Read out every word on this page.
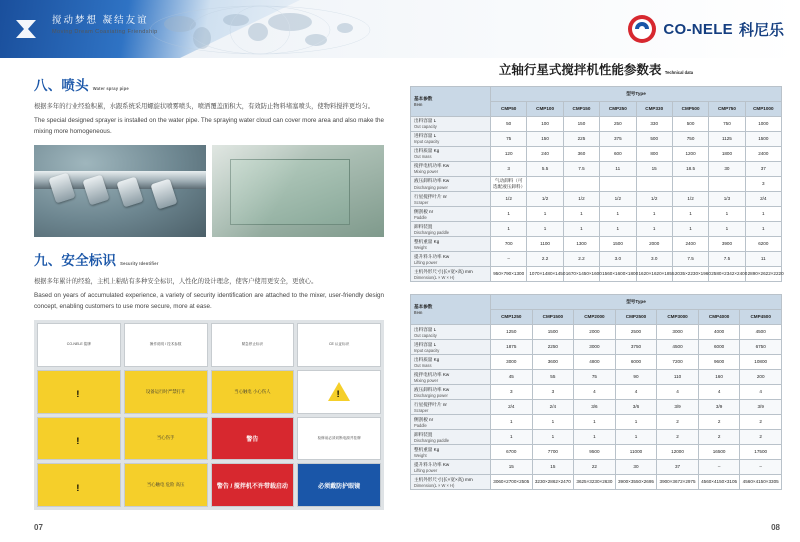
搅动梦想 凝结友谊
Moving Dream Coaxiating Friendship	CO-NELE 科尼乐
八、喷头 Water spray pipe

根据多年的行业经验积累，水跟系统采用螺旋状喷雾喷头，喷洒覆盖面积大，有效防止物料堵塞喷头，使物料搅拌更均匀。

The special designed sprayer is installed on the water pipe. The spraying water cloud can cover more area and also make the mixing more homogeneous.

九、安全标识 Security Identifier

根据多年累计的经验，主机上粘贴有多种安全标识，人性化的设计理念，使客户使用更安全，更放心。

Based on years of accumulated experience, a variety of security identification are attached to the mixer, user-friendly design concept, enabling customers to use more secure, more at ease.

CO-NELE 铭牌	操作说明 / 技术参数	紧急停止标识	CE 认证标识
!
设备运行时严禁打开	当心触电 小心伤人
!
!
当心伤手	警告	检修前必须切断电源并挂牌
!
当心触电 危险 高压	警告 / 搅拌机不许带载启动	必须戴防护眼镜
立轴行星式搅拌机性能参数表 Technical data
基本参数
Item	型号Type							
	CMP50	CMP100	CMP150	CMP250	CMP330	CMP500	CMP750	CMP1000

出料容量 L
Out capacity	50	100	150	250	330	500	750	1000

进料容量 L
Input capacity	75	150	225	375	500	750	1125	1500

出料质量 Kg
Out mass	120	240	360	600	800	1200	1800	2400

搅拌电机功率 Kw
Mixing power	3	5.5	7.5	11	15	18.5	30	37

液压卸料功率 Kw
Discharging power	气动卸料（可选配液压卸料）							3

行星搅拌叶片 nr
Scraper	1/2	1/2	1/2	1/2	1/2	1/2	1/3	2/4

侧刮板 nr
Paddle	1	1	1	1	1	1	1	1

卸料装置
Discharging paddle	1	1	1	1	1	1	1	1

整机重量 Kg
Weight	700	1100	1300	1500	2000	2400	3900	6200

提升料斗功率 Kw
Lifting power	–	2.2	2.2	3.0	3.0	7.5	7.5	11

主机外形尺寸(长×宽×高) mm
Dimension(L × W × H)	950×790×1300	1070×1480×1450	1670×1450×1600	1560×1600×1800	1620×1620×1855	2035×2230×1960	2580×2342×2400	2890×2622×2220
基本参数
Item	型号Type						
	CMP1250	CMP1500	CMP2000	CMP2500	CMP3000	CMP4000	CMP4500

出料容量 L
Out capacity	1250	1500	2000	2500	3000	4000	4500

进料容量 L
Input capacity	1875	2250	3000	3750	4500	6000	6750

出料质量 Kg
Out mass	3000	3600	4800	6000	7200	9600	10800

搅拌电机功率 Kw
Mixing power	45	55	75	90	110	160	200

液压卸料功率 Kw
Discharging power	3	3	4	4	4	4	4

行星搅拌叶片 nr
Scraper	2/4	2/4	3/6	3/6	3/9	3/9	3/9

侧刮板 nr
Paddle	1	1	1	1	2	2	2

卸料装置
Discharging paddle	1	1	1	1	2	2	2

整机重量 Kg
Weight	6700	7700	9500	11000	12000	16500	17500

提升料斗功率 Kw
Lifting power	15	15	22	30	37	–	–

主机外形尺寸(长×宽×高) mm
Dimension(L × W × H)	3060×2700×2505	3230×2862×2470	3625×3230×2630	3900×3550×2695	3900×3672×2975	4560×4150×3105	4560×4150×3305
07	08
